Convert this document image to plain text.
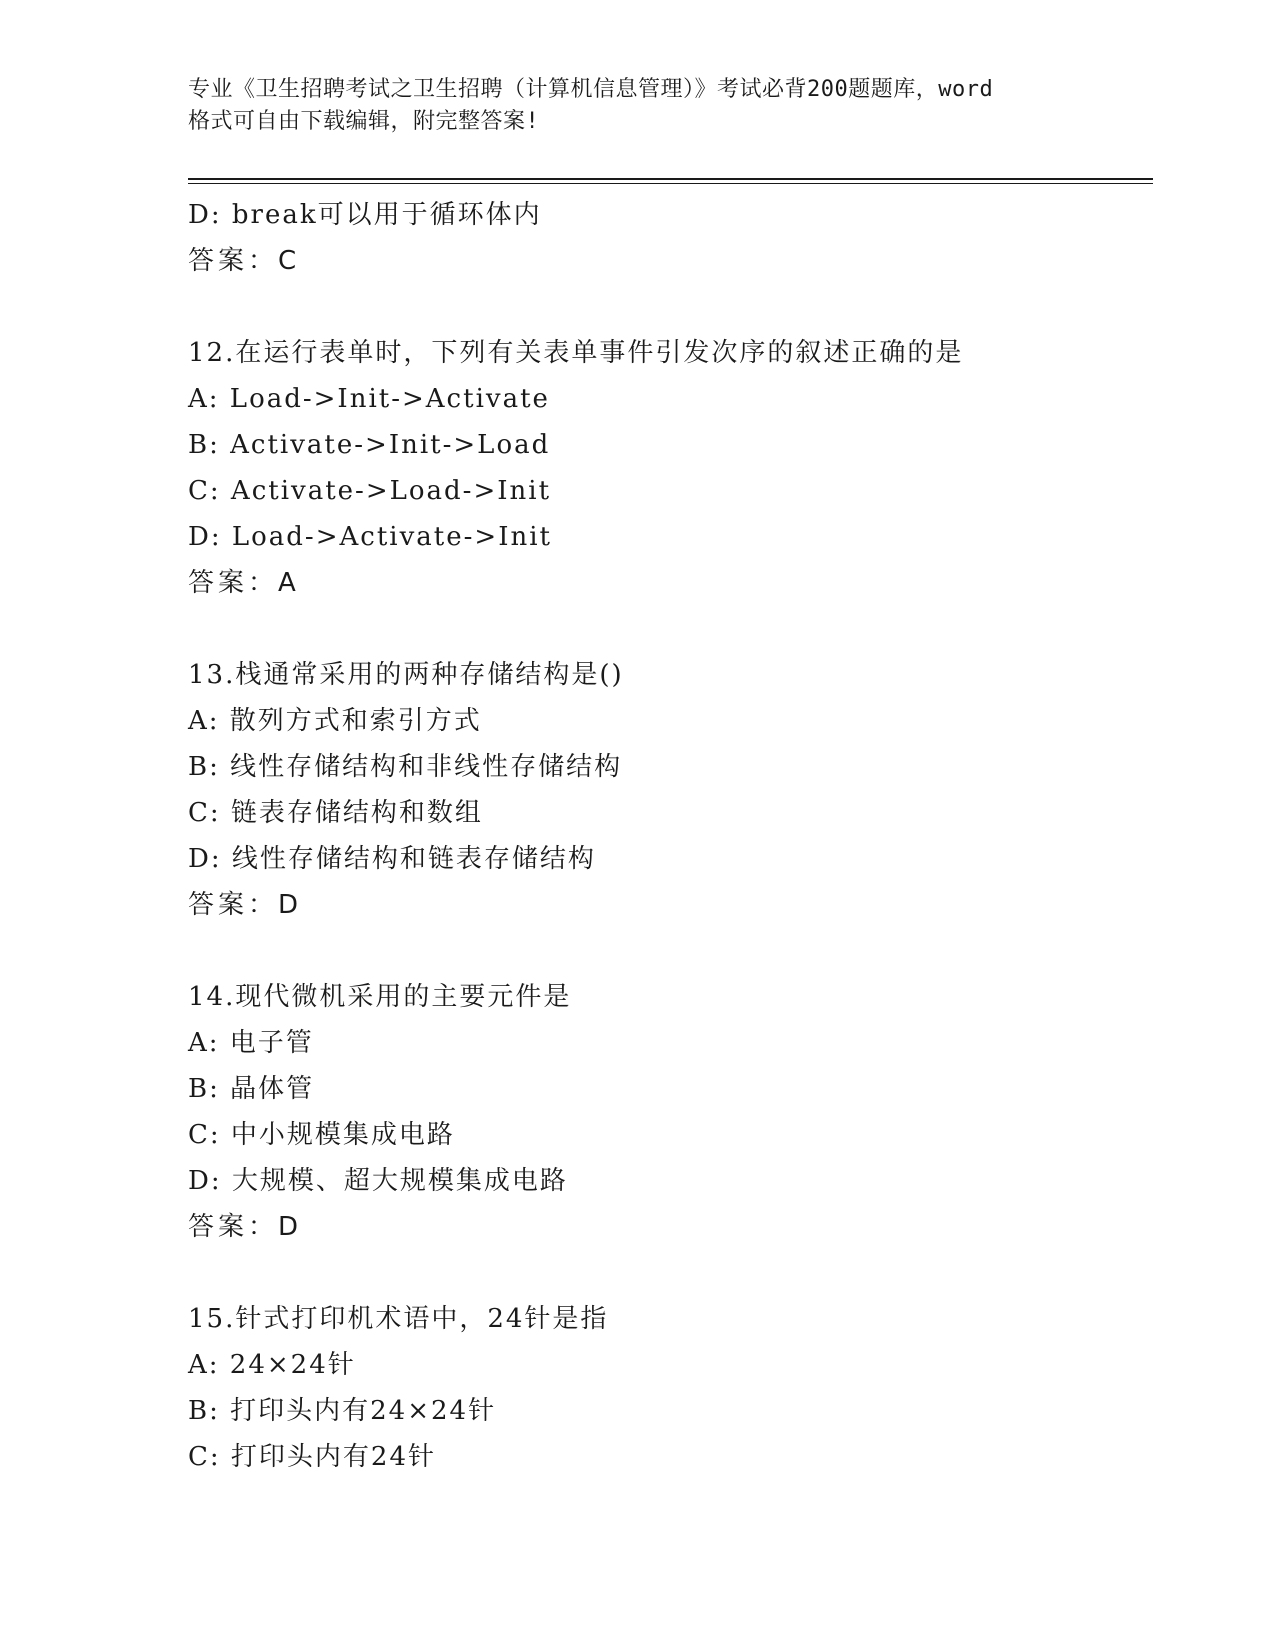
专业《卫生招聘考试之卫生招聘（计算机信息管理）》考试必背200题题库，word
格式可自由下载编辑，附完整答案!
D: break可以用于循环体内
答案：C
12.在运行表单时，下列有关表单事件引发次序的叙述正确的是
A: Load->Init->Activate
B: Activate->Init->Load
C: Activate->Load->Init
D: Load->Activate->Init
答案：A
13.栈通常采用的两种存储结构是()
A: 散列方式和索引方式
B: 线性存储结构和非线性存储结构
C: 链表存储结构和数组
D: 线性存储结构和链表存储结构
答案：D
14.现代微机采用的主要元件是
A: 电子管
B: 晶体管
C: 中小规模集成电路
D: 大规模、超大规模集成电路
答案：D
15.针式打印机术语中，24针是指
A: 24×24针
B: 打印头内有24×24针
C: 打印头内有24针
